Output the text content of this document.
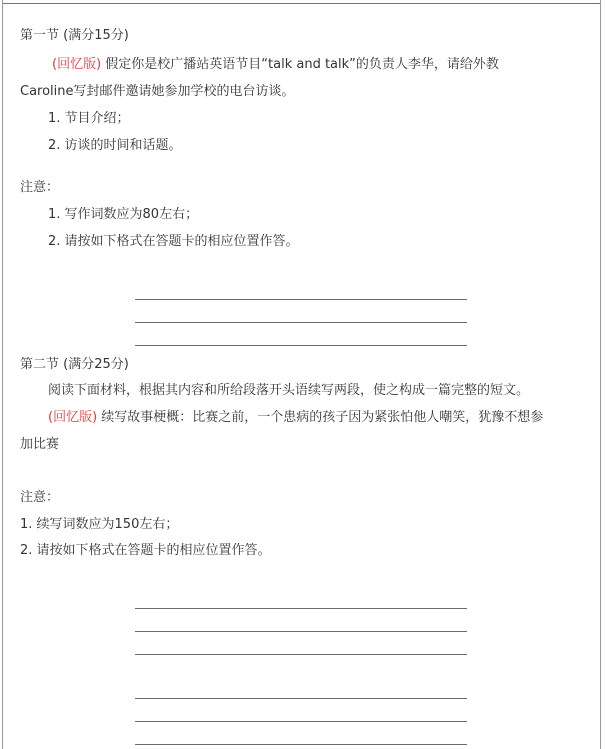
第一节 (满分15分)
(回忆版) 假定你是校广播站英语节目“talk and talk”的负责人李华，请给外教
Caroline写封邮件邀请她参加学校的电台访谈。
1. 节目介绍；
2. 访谈的时间和话题。
注意：
1. 写作词数应为80左右；
2. 请按如下格式在答题卡的相应位置作答。
第二节 (满分25分)
阅读下面材料，根据其内容和所给段落开头语续写两段，使之构成一篇完整的短文。
(回忆版) 续写故事梗概：比赛之前，一个患病的孩子因为紧张怕他人嘲笑，犹豫不想参
加比赛
注意：
1. 续写词数应为150左右；
2. 请按如下格式在答题卡的相应位置作答。
